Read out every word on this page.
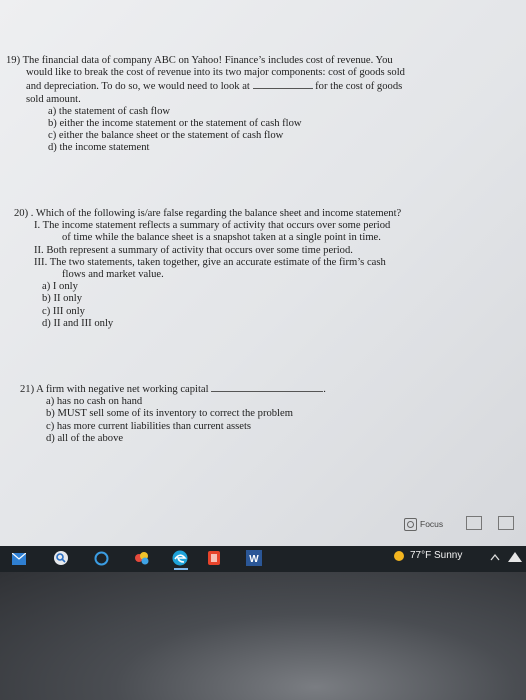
19) The financial data of company ABC on Yahoo! Finance’s includes cost of revenue. You
would like to break the cost of revenue into its two major components: cost of goods sold
and depreciation. To do so, we would need to look at	for the cost of goods
sold amount.
a) the statement of cash flow
b) either the income statement or the statement of cash flow
c) either the balance sheet or the statement of cash flow
d) the income statement
20) . Which of the following is/are false regarding the balance sheet and income statement?
I. The income statement reflects a summary of activity that occurs over some period
of time while the balance sheet is a snapshot taken at a single point in time.
II. Both represent a summary of activity that occurs over some time period.
III. The two statements, taken together, give an accurate estimate of the firm’s cash
flows and market value.
a) I only
b) II only
c) III only
d) II and III only
21) A firm with negative net working capital	.
a) has no cash on hand
b) MUST sell some of its inventory to correct the problem
c) has more current liabilities than current assets
d) all of the above
Focus
W	77°F Sunny
